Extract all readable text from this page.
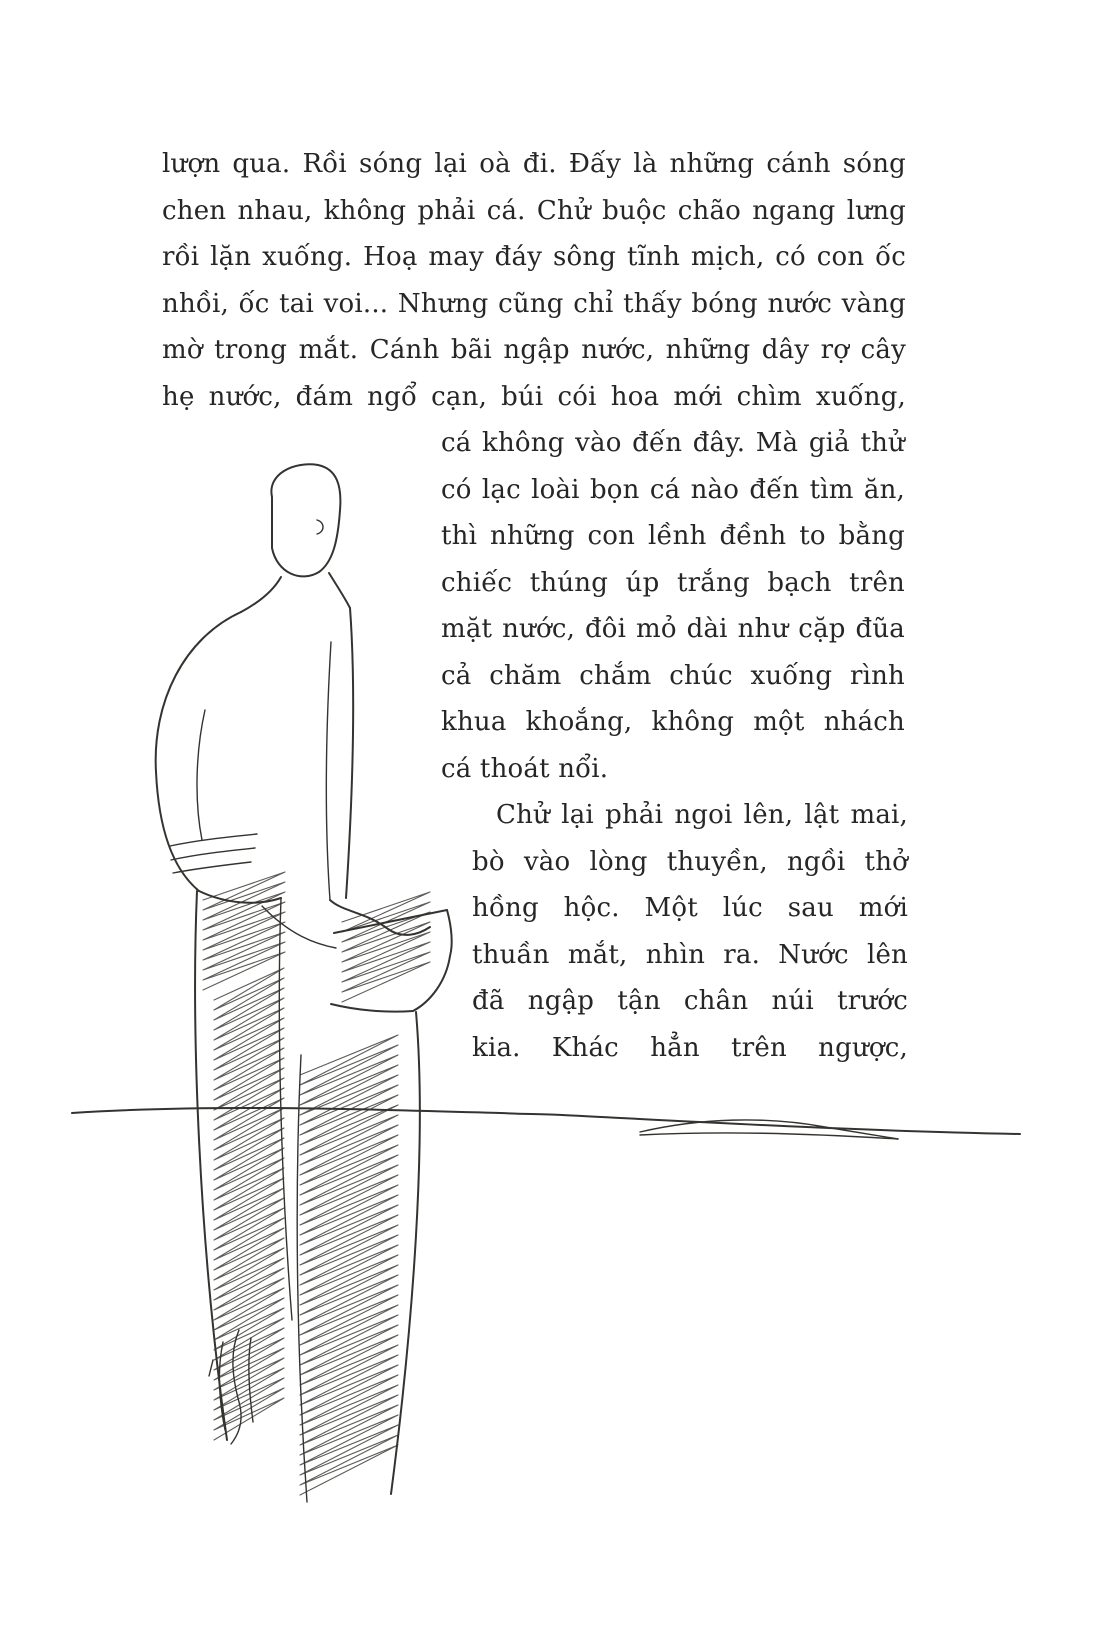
lượn qua. Rồi sóng lại oà đi. Đấy là những cánh sóng
chen nhau, không phải cá. Chử buộc chão ngang lưng
rồi lặn xuống. Hoạ may đáy sông tĩnh mịch, có con ốc
nhồi, ốc tai voi... Nhưng cũng chỉ thấy bóng nước vàng
mờ trong mắt. Cánh bãi ngập nước, những dây rợ cây
hẹ nước, đám ngổ cạn, búi cói hoa mới chìm xuống,
cá không vào đến đây. Mà giả thử
có lạc loài bọn cá nào đến tìm ăn,
thì những con lềnh đềnh to bằng
chiếc thúng úp trắng bạch trên
mặt nước, đôi mỏ dài như cặp đũa
cả chăm chắm chúc xuống rình
khua khoắng, không một nhách
cá thoát nổi.
Chử lại phải ngoi lên, lật mai,
bò vào lòng thuyền, ngồi thở
hồng hộc. Một lúc sau mới
thuần mắt, nhìn ra. Nước lên
đã ngập tận chân núi trước
kia. Khác hẳn trên ngược,
